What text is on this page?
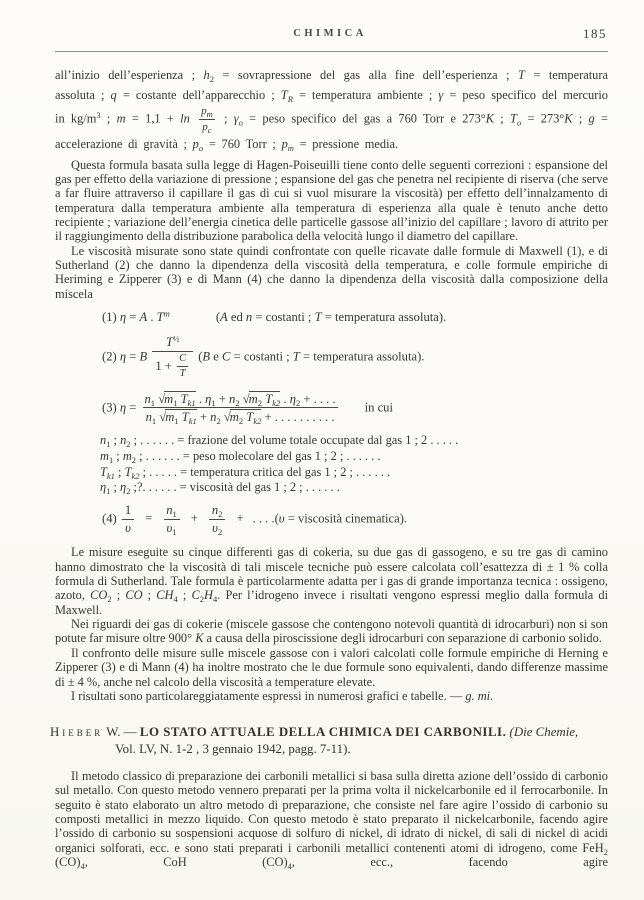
CHIMICA	185

all’inizio dell’esperienza ; $h_2$ = sovrapressione del gas alla fine dell’esperienza ; T = temperatura assoluta ; q = costante dell’apparecchio ; $T_R$ = temperatura ambiente ; γ = peso specifico del mercurio in $kg/m^3$ ; $m = 1,1 + \ln \frac{p_m}{p_c}$ ; $\gamma_o$ = peso specifico del gas a 760 Torr e 273°K ; $T_o = 273^\circ K$ ; g = accelerazione di gravità ; $p_o = 760$ Torr ; $p_m$ = pressione media.

Questa formula basata sulla legge di Hagen-Poiseuilli tiene conto delle seguenti correzioni : espansione del gas per effetto della variazione di pressione ; espansione del gas che penetra nel recipiente di riserva (che serve a far fluire attraverso il capillare il gas di cui si vuol misurare la viscosità) per effetto dell’innalzamento di temperatura dalla temperatura ambiente alla temperatura di esperienza alla quale è tenuto anche detto recipiente ; variazione dell’energia cinetica delle particelle gassose all’inizio del capillare ; lavoro di attrito per il raggiungimento della distribuzione parabolica della velocità lungo il diametro del capillare.

Le viscosità misurate sono state quindi confrontate con quelle ricavate dalle formule di Maxwell (1), e di Sutherland (2) che danno la dipendenza della viscosità della temperatura, e colle formule empiriche di Heriming e Zipperer (3) e di Mann (4) che danno la dipendenza della viscosità dalla composizione della miscela

(1) η = A . $T^m$	(A ed n = costanti ; T = temperatura assoluta).
(2) η = B $\frac{T^{\frac{1}{2}}}{1 + \frac{C}{T}} (B$ e C = costanti ; T = temperatura assoluta).
(3) $\eta = \frac{n_1 √m_1 T_{k1} . \eta_1 + n_2 √m_2 T_{k2} . \eta_2 + . . . .}{n_1 √m_1 T_{k1} + n_2 √m_2 T_{k2} + . . . . . . . . . .}$ in cui
$n_1$ ; $n_2$ ; . . . . . . = frazione del volume totale occupate dal gas 1 ; 2 . . . . .
$m_1$ ; $m_2$ ; . . . . . . = peso molecolare del gas 1 ; 2 ; . . . . . .
$T_{k1}$ ; $T_{k2}$ ; . . . . . = temperatura critica del gas 1 ; 2 ; . . . . . .
$\eta_1$ ; $\eta_2$ ;?. . . . . . = viscosità del gas 1 ; 2 ; . . . . . .
$(4) \frac{1}{\upsilon} = \frac{n_1}{\upsilon_1} + \frac{n_2}{\upsilon_2}$ + . . . .(υ = viscosità cinematica).

Le misure eseguite su cinque differenti gas di cokeria, su due gas di gassogeno, e su tre gas di camino hanno dimostrato che la viscosità di tali miscele tecniche può essere calcolata coll’esattezza di ± 1 % colla formula di Sutherland. Tale formula è particolarmente adatta per i gas di grande importanza tecnica : ossigeno, azoto, $CO_2$ ; CO ; $CH_4$ ; $C_2H_4$. Per l’idrogeno invece i risultati vengono espressi meglio dalla formula di Maxwell.

Nei riguardi dei gas di cokerie (miscele gassose che contengono notevoli quantità di idrocarburi) non si son potute far misure oltre 900° K a causa della piroscissione degli idrocarburi con separazione di carbonio solido.

Il confronto delle misure sulle miscele gassose con i valori calcolati colle formule empiriche di Herning e Zipperer (3) e di Mann (4) ha inoltre mostrato che le due formule sono equivalenti, dando differenze massime di ± 4 %, anche nel calcolo della viscosità a temperature elevate.

I risultati sono particolareggiatamente espressi in numerosi grafici e tabelle. — g. mi.

Hieber W. — LO STATO ATTUALE DELLA CHIMICA DEI CARBONILI. (Die Chemie,
Vol. LV, N. 1-2 , 3 gennaio 1942, pagg. 7-11).

Il metodo classico di preparazione dei carbonili metallici si basa sulla diretta azione dell’ossido di carbonio sul metallo. Con questo metodo vennero preparati per la prima volta il nickelcarbonile ed il ferrocarbonile. In seguito è stato elaborato un altro metodo di preparazione, che consiste nel fare agire l’ossido di carbonio su composti metallici in mezzo liquido. Con questo metodo è stato preparato il nickelcarbonile, facendo agire l’ossido di carbonio su sospensioni acquose di solfuro di nickel, di idrato di nickel, di sali di nickel di acidi organici solforati, ecc. e sono stati preparati i carbonili metallici contenenti atomi di idrogeno, come FeH$_2$ $(CO)_4$, CoH $(CO)_4$, ecc., facendo agire
